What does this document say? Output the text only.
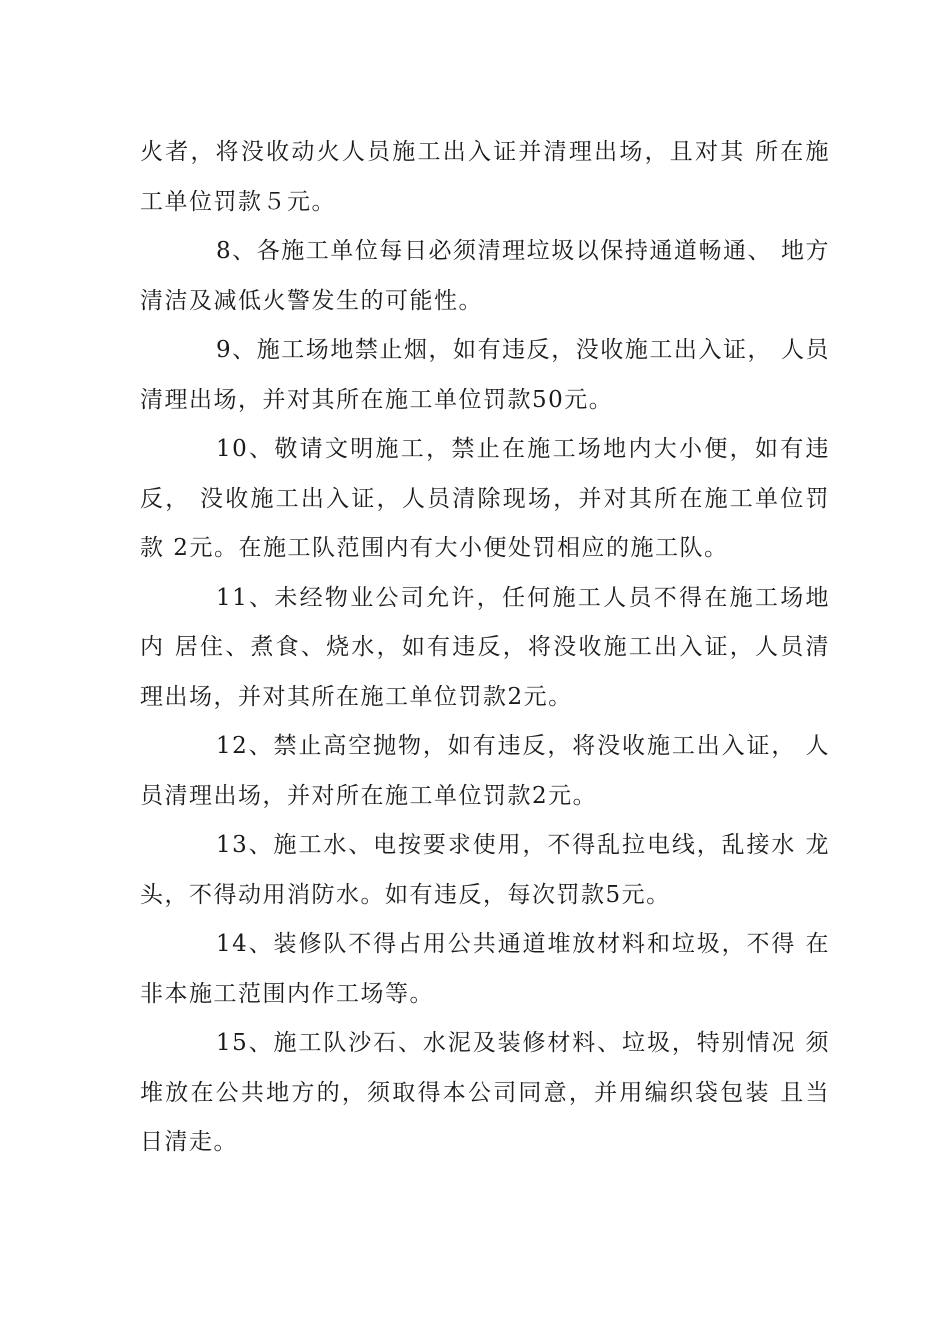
火者，将没收动火人员施工出入证并清理出场，且对其 所在施工单位罚款５元。

8、各施工单位每日必须清理垃圾以保持通道畅通、 地方清洁及减低火警发生的可能性。

9、施工场地禁止烟，如有违反，没收施工出入证， 人员清理出场，并对其所在施工单位罚款50元。

10、敬请文明施工，禁止在施工场地内大小便，如有违反， 没收施工出入证，人员清除现场，并对其所在施工单位罚款 2元。在施工队范围内有大小便处罚相应的施工队。

11、未经物业公司允许，任何施工人员不得在施工场地内 居住、煮食、烧水，如有违反，将没收施工出入证，人员清理出场，并对其所在施工单位罚款2元。

12、禁止高空抛物，如有违反，将没收施工出入证， 人员清理出场，并对所在施工单位罚款2元。

13、施工水、电按要求使用，不得乱拉电线，乱接水 龙头，不得动用消防水。如有违反，每次罚款5元。

14、装修队不得占用公共通道堆放材料和垃圾，不得 在非本施工范围内作工场等。

15、施工队沙石、水泥及装修材料、垃圾，特别情况 须堆放在公共地方的，须取得本公司同意，并用编织袋包装 且当日清走。
